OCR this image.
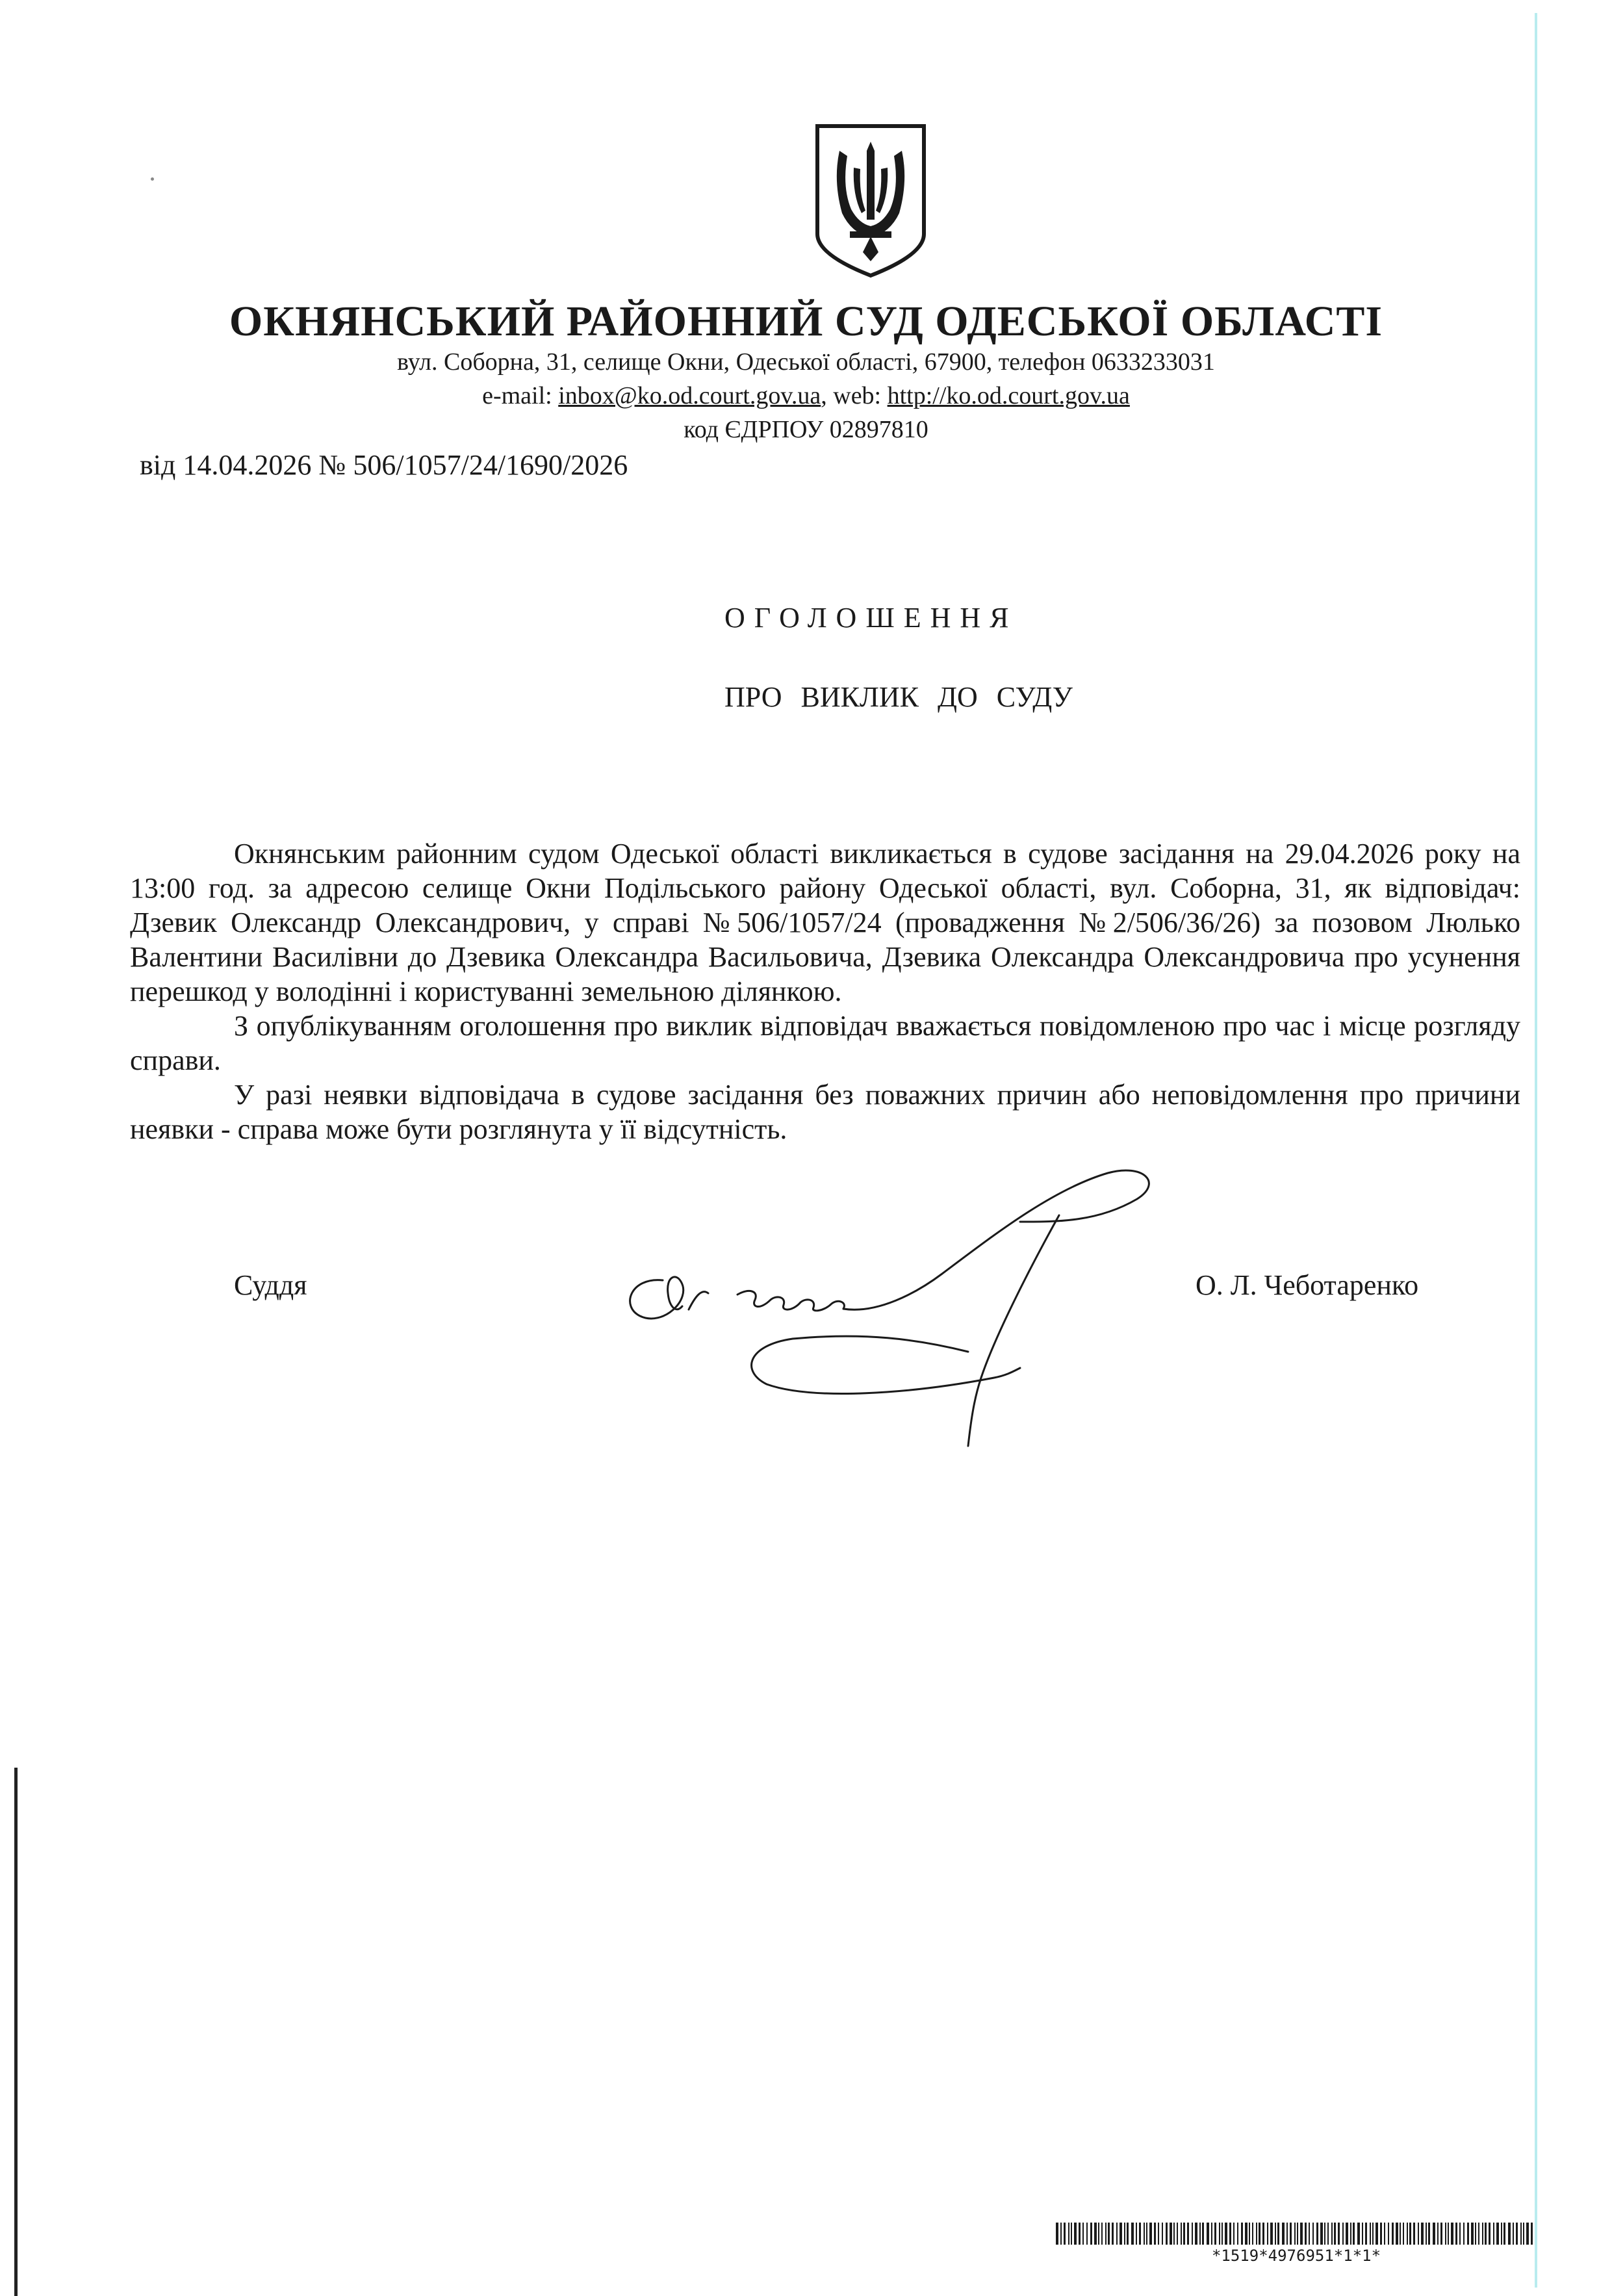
ОКНЯНСЬКИЙ РАЙОННИЙ СУД ОДЕСЬКОЇ ОБЛАСТІ
вул. Соборна, 31, селище Окни, Одеської області, 67900, телефон 0633233031
e-mail: inbox@ko.od.court.gov.ua, web: http://ko.od.court.gov.ua
код ЄДРПОУ 02897810
від 14.04.2026 № 506/1057/24/1690/2026
ОГОЛОШЕННЯ
ПРО ВИКЛИК ДО СУДУ

Окнянським районним судом Одеської області викликається в судове засідання на 29.04.2026 року на 13:00 год. за адресою селище Окни Подільського району Одеської області, вул. Соборна, 31, як відповідач: Дзевик Олександр Олександрович, у справі №506/1057/24 (провадження №2/506/36/26) за позовом Люлько Валентини Василівни до Дзевика Олександра Васильовича, Дзевика Олександра Олександровича про усунення перешкод у володінні і користуванні земельною ділянкою.

З опублікуванням оголошення про виклик відповідач вважається повідомленою про час і місце розгляду справи.

У разі неявки відповідача в судове засідання без поважних причин або неповідомлення про причини неявки - справа може бути розглянута у її відсутність.

Суддя	О. Л. Чеботаренко
*1519*4976951*1*1*
